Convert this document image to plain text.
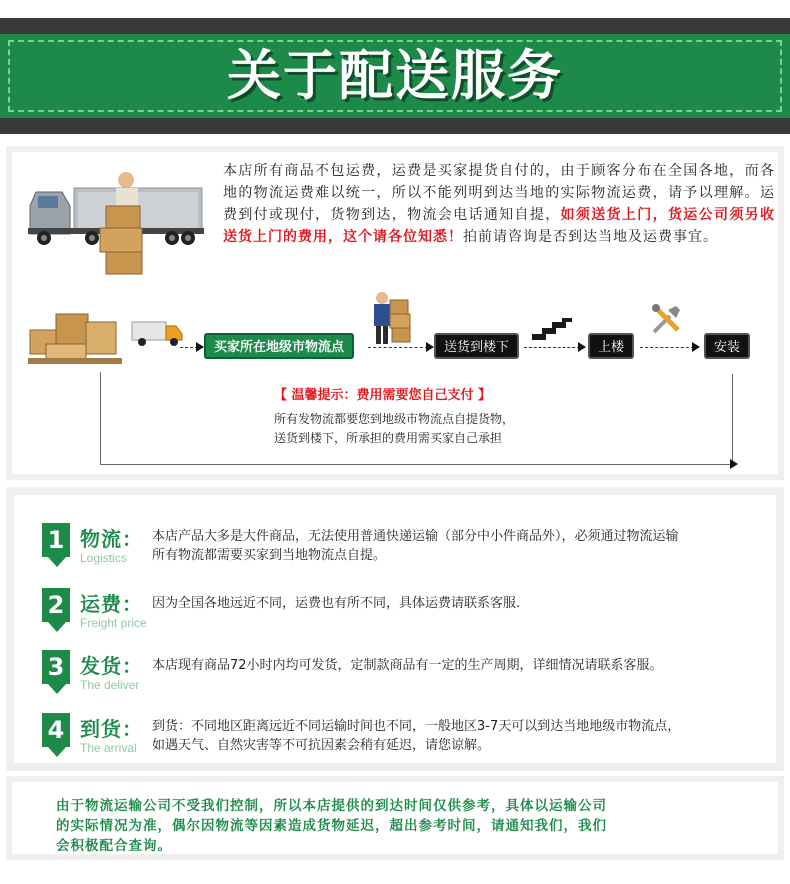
关于配送服务

本店所有商品不包运费，运费是买家提货自付的，由于顾客分布在全国各地，而各地的物流运费难以统一，所以不能列明到达当地的实际物流运费，请予以理解。运费到付或现付，货物到达，物流会电话通知自提，如须送货上门，货运公司须另收送货上门的费用，这个请各位知悉！拍前请咨询是否到达当地及运费事宜。

买家所在地级市物流点	送货到楼下	上楼	安装
【 温馨提示：费用需要您自己支付 】
所有发物流都要您到地级市物流点自提货物，
送货到楼下，所承担的费用需买家自己承担
1 物流：
Logistics
本店产品大多是大件商品，无法使用普通快递运输（部分中小件商品外），必须通过物流运输
所有物流都需要买家到当地物流点自提。
2 运费：
Freight price
因为全国各地远近不同，运费也有所不同，具体运费请联系客服.
3 发货：
The deliver
本店现有商品72小时内均可发货，定制款商品有一定的生产周期，详细情况请联系客服。
4 到货：
The arrival
到货：不同地区距离远近不同运输时间也不同，一般地区3-7天可以到达当地地级市物流点，
如遇天气、自然灾害等不可抗因素会稍有延迟，请您谅解。
由于物流运输公司不受我们控制，所以本店提供的到达时间仅供参考，具体以运输公司
的实际情况为准，偶尔因物流等因素造成货物延迟，超出参考时间，请通知我们，我们
会积极配合查询。
